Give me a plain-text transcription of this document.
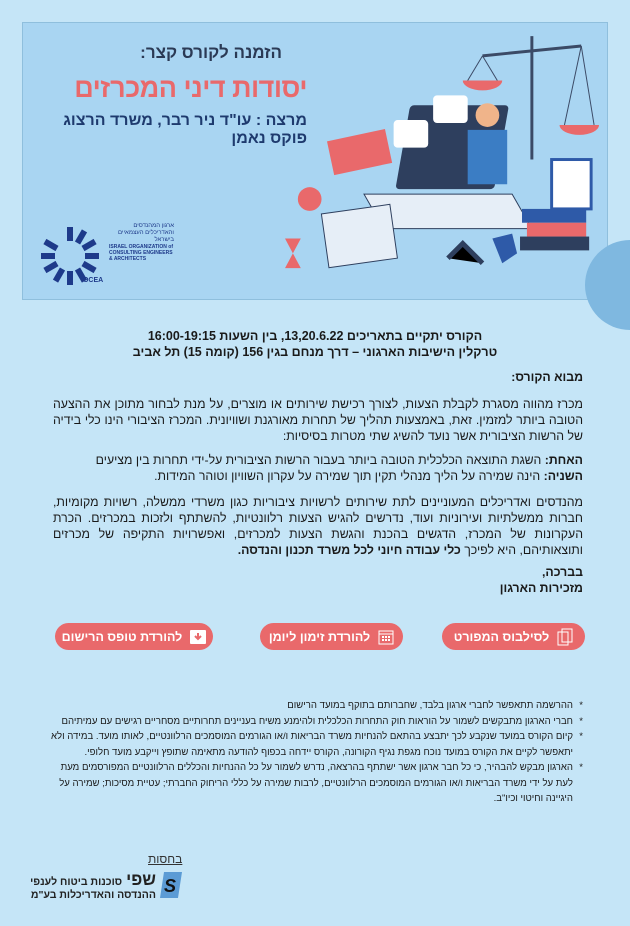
הזמנה לקורס קצר:
יסודות דיני המכרזים
מרצה : עו"ד ניר רבר, משרד הרצוג פוקס נאמן
IOCEA
ארגון המהנדסים והאדריכלים העצמאיים בישראל
ISRAEL ORGANIZATION of CONSULTING ENGINEERS & ARCHITECTS
הקורס יתקיים בתאריכים 13,20.6.22, בין השעות 16:00-19:15
טרקלין הישיבות הארגוני – דרך מנחם בגין 156 (קומה 15) תל אביב
מבוא הקורס:
מכרז מהווה מסגרת לקבלת הצעות, לצורך רכישת שירותים או מוצרים, על מנת לבחור מתוכן את ההצעה הטובה ביותר למזמין. זאת, באמצעות תהליך של תחרות מאורגנת ושוויונית. המכרז הציבורי הינו כלי בידיה של הרשות הציבורית אשר נועד להשיג שתי מטרות בסיסיות:
האחת: השגת התוצאה הכלכלית הטובה ביותר בעבור הרשות הציבורית על-ידי תחרות בין מציעים
השניה: הינה שמירה על הליך מנהלי תקין תוך שמירה על עקרון השוויון וטוהר המידות.
מהנדסים ואדריכלים המעוניינים לתת שירותים לרשויות ציבוריות כגון משרדי ממשלה, רשויות מקומיות, חברות ממשלתיות ועירוניות ועוד, נדרשים להגיש הצעות רלוונטיות, להשתתף ולזכות במכרזים. הכרת העקרונות של המכרז, הדגשים בהכנת והגשת הצעות למכרזים, ואפשרויות התקיפה של מכרזים ותוצאותיהם, היא לפיכך כלי עבודה חיוני לכל משרד תכנון והנדסה.
בברכה,
מזכירות הארגון
לסילבוס המפורט
להורדת זימון ליומן
להורדת טופס הרישום
* ההרשמה תתאפשר לחברי ארגון בלבד, שחברותם בתוקף במועד הרישום
* חברי הארגון מתבקשים לשמור על הוראות חוק התחרות הכלכלית ולהימנע משיח בעניינים תחרותיים מסחריים רגישים עם עמיתיהם
* קיום הקורס במועד שנקבע לכך יתבצע בהתאם להנחיות משרד הבריאות ו/או הגורמים המוסמכים הרלוונטיים, לאותו מועד. במידה ולא יתאפשר לקיים את הקורס במועד נוכח מגפת נגיף הקורונה, הקורס יידחה בכפוף להודעה מתאימה שתופץ וייקבע מועד חלופי.
* הארגון מבקש להבהיר, כי כל חבר ארגון אשר ישתתף בהרצאה, נדרש לשמור על כל ההנחיות והכללים הרלוונטיים המפורסמים מעת לעת על ידי משרד הבריאות ו/או הגורמים המוסמכים הרלוונטיים, לרבות שמירה על כללי הריחוק החברתי; עטיית מסיכות; שמירה על היגיינה וחיטוי וכיו"ב.
בחסות
S
שפי
סוכנות ביטוח לענפי
ההנדסה והאדריכלות בע"מ
